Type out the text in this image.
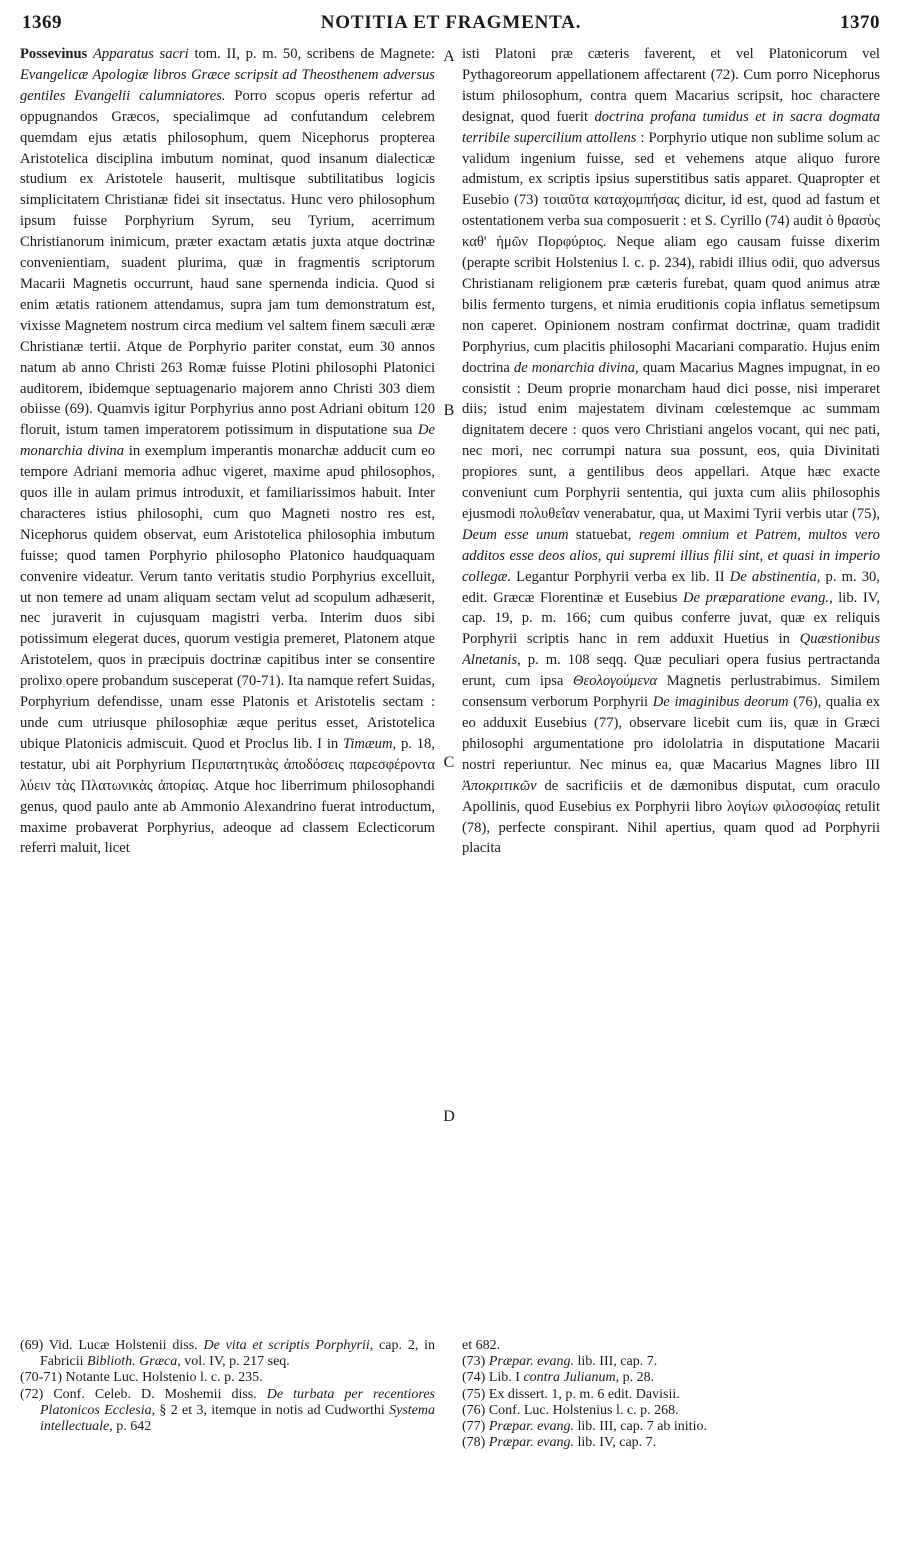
1369	NOTITIA ET FRAGMENTA.	1370

Possevinus Apparatus sacri tom. II, p. m. 50, scribens de Magnete: Evangelicæ Apologiæ libros Græce scripsit ad Theosthenem adversus gentiles Evangelii calumniatores. Porro scopus operis refertur ad oppugnandos Græcos, specialimque ad confutandum celebrem quemdam ejus ætatis philosophum, quem Nicephorus propterea Aristotelica disciplina imbutum nominat, quod insanum dialecticæ studium ex Aristotele hauserit, multisque subtilitatibus logicis simplicitatem Christianæ fidei sit insectatus. Hunc vero philosophum ipsum fuisse Porphyrium Syrum, seu Tyrium, acerrimum Christianorum inimicum, præter exactam ætatis juxta atque doctrinæ convenientiam, suadent plurima, quæ in fragmentis scriptorum Macarii Magnetis occurrunt, haud sane spernenda indicia. Quod si enim ætatis rationem attendamus, supra jam tum demonstratum est, vixisse Magnetem nostrum circa medium vel saltem finem sæculi æræ Christianæ tertii. Atque de Porphyrio pariter constat, eum 30 annos natum ab anno Christi 263 Romæ fuisse Plotini philosophi Platonici auditorem, ibidemque septuagenario majorem anno Christi 303 diem obiisse (69). Quamvis igitur Porphyrius anno post Adriani obitum 120 floruit, istum tamen imperatorem potissimum in disputatione sua De monarchia divina in exemplum imperantis monarchæ adducit cum eo tempore Adriani memoria adhuc vigeret, maxime apud philosophos, quos ille in aulam primus introduxit, et familiarissimos habuit. Inter characteres istius philosophi, cum quo Magneti nostro res est, Nicephorus quidem observat, eum Aristotelica philosophia imbutum fuisse; quod tamen Porphyrio philosopho Platonico haudquaquam convenire videatur. Verum tanto veritatis studio Porphyrius excelluit, ut non temere ad unam aliquam sectam velut ad scopulum adhæserit, nec juraverit in cujusquam magistri verba. Interim duos sibi potissimum elegerat duces, quorum vestigia premeret, Platonem atque Aristotelem, quos in præcipuis doctrinæ capitibus inter se consentire prolixo opere probandum susceperat (70-71). Ita namque refert Suidas, Porphyrium defendisse, unam esse Platonis et Aristotelis sectam : unde cum utriusque philosophiæ æque peritus esset, Aristotelica ubique Platonicis admiscuit. Quod et Proclus lib. I in Timæum, p. 18, testatur, ubi ait Porphyrium Περιπατητικὰς ἀποδόσεις παρεσφέροντα λύειν τὰς Πλατωνικὰς ἀπορίας. Atque hoc liberrimum philosophandi genus, quod paulo ante ab Ammonio Alexandrino fuerat introductum, maxime probaverat Porphyrius, adeoque ad classem Eclecticorum referri maluit, licet

A
B
C
D

isti Platoni præ cæteris faverent, et vel Platonicorum vel Pythagoreorum appellationem affectarent (72). Cum porro Nicephorus istum philosophum, contra quem Macarius scripsit, hoc charactere designat, quod fuerit doctrina profana tumidus et in sacra dogmata terribile supercilium attollens : Porphyrio utique non sublime solum ac validum ingenium fuisse, sed et vehemens atque aliquo furore admistum, ex scriptis ipsius superstitibus satis apparet. Quapropter et Eusebio (73) τοιαῦτα καταχομπήσας dicitur, id est, quod ad fastum et ostentationem verba sua composuerit : et S. Cyrillo (74) audit ὁ θρασὺς καθ' ἡμῶν Πορφύριος. Neque aliam ego causam fuisse dixerim (perapte scribit Holstenius l. c. p. 234), rabidi illius odii, quo adversus Christianam religionem præ cæteris furebat, quam quod animus atræ bilis fermento turgens, et nimia eruditionis copia inflatus semetipsum non caperet. Opinionem nostram confirmat doctrinæ, quam tradidit Porphyrius, cum placitis philosophi Macariani comparatio. Hujus enim doctrina de monarchia divina, quam Macarius Magnes impugnat, in eo consistit : Deum proprie monarcham haud dici posse, nisi imperaret diis; istud enim majestatem divinam cœlestemque ac summam dignitatem decere : quos vero Christiani angelos vocant, qui nec pati, nec mori, nec corrumpi natura sua possunt, eos, quia Divinitati propiores sunt, a gentilibus deos appellari. Atque hæc exacte conveniunt cum Porphyrii sententia, qui juxta cum aliis philosophis ejusmodi πολυθεΐαν venerabatur, qua, ut Maximi Tyrii verbis utar (75), Deum esse unum statuebat, regem omnium et Patrem, multos vero additos esse deos alios, qui supremi illius filii sint, et quasi in imperio collegæ. Legantur Porphyrii verba ex lib. II De abstinentia, p. m. 30, edit. Græcæ Florentinæ et Eusebius De præparatione evang., lib. IV, cap. 19, p. m. 166; cum quibus conferre juvat, quæ ex reliquis Porphyrii scriptis hanc in rem adduxit Huetius in Quæstionibus Alnetanis, p. m. 108 seqq. Quæ peculiari opera fusius pertractanda erunt, cum ipsa Θεολογούμενα Magnetis perlustrabimus. Similem consensum verborum Porphyrii De imaginibus deorum (76), qualia ex eo adduxit Eusebius (77), observare licebit cum iis, quæ in Græci philosophi argumentatione pro idololatria in disputatione Macarii nostri reperiuntur. Nec minus ea, quæ Macarius Magnes libro III Ἀποκριτικῶν de sacrificiis et de dæmonibus disputat, cum oraculo Apollinis, quod Eusebius ex Porphyrii libro λογίων φιλοσοφίας retulit (78), perfecte conspirant. Nihil apertius, quam quod ad Porphyrii placita

(69) Vid. Lucæ Holstenii diss. De vita et scriptis Porphyrii, cap. 2, in Fabricii Biblioth. Græca, vol. IV, p. 217 seq.

(70-71) Notante Luc. Holstenio l. c. p. 235.

(72) Conf. Celeb. D. Moshemii diss. De turbata per recentiores Platonicos Ecclesia, § 2 et 3, itemque in notis ad Cudworthi Systema intellectuale, p. 642

et 682.

(73) Præpar. evang. lib. III, cap. 7.

(74) Lib. I contra Julianum, p. 28.

(75) Ex dissert. 1, p. m. 6 edit. Davisii.

(76) Conf. Luc. Holstenius l. c. p. 268.

(77) Præpar. evang. lib. III, cap. 7 ab initio.

(78) Præpar. evang. lib. IV, cap. 7.
